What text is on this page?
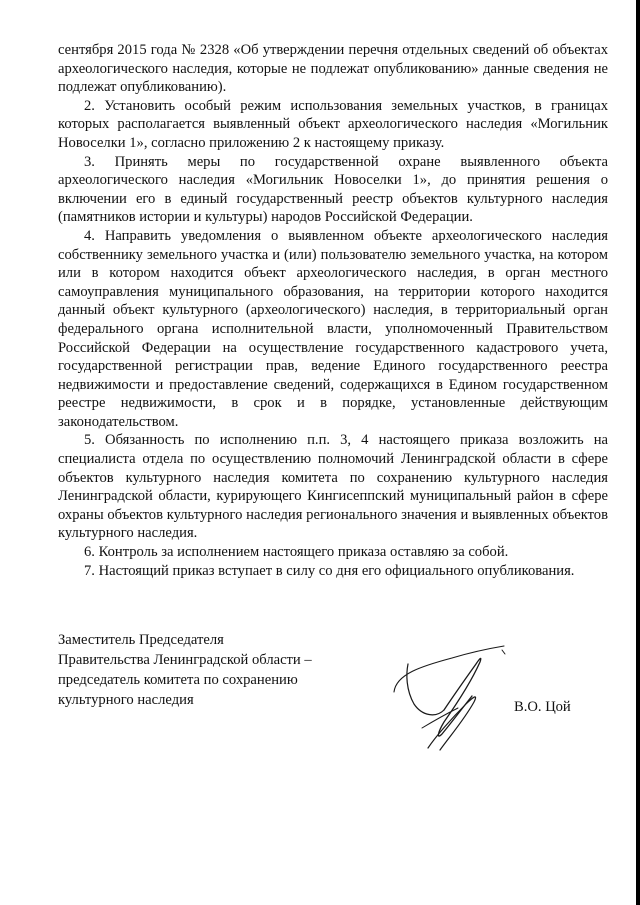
сентября 2015 года № 2328 «Об утверждении перечня отдельных сведений об объектах археологического наследия, которые не подлежат опубликованию» данные сведения не подлежат опубликованию).

2. Установить особый режим использования земельных участков, в границах которых располагается выявленный объект археологического наследия «Могильник Новоселки 1», согласно приложению 2 к настоящему приказу.

3. Принять меры по государственной охране выявленного объекта археологического наследия «Могильник Новоселки 1», до принятия решения о включении его в единый государственный реестр объектов культурного наследия (памятников истории и культуры) народов Российской Федерации.

4. Направить уведомления о выявленном объекте археологического наследия собственнику земельного участка и (или) пользователю земельного участка, на котором или в котором находится объект археологического наследия, в орган местного самоуправления муниципального образования, на территории которого находится данный объект культурного (археологического) наследия, в территориальный орган федерального органа исполнительной власти, уполномоченный Правительством Российской Федерации на осуществление государственного кадастрового учета, государственной регистрации прав, ведение Единого государственного реестра недвижимости и предоставление сведений, содержащихся в Едином государственном реестре недвижимости, в срок и в порядке, установленные действующим законодательством.

5. Обязанность по исполнению п.п. 3, 4 настоящего приказа возложить на специалиста отдела по осуществлению полномочий Ленинградской области в сфере объектов культурного наследия комитета по сохранению культурного наследия Ленинградской области, курирующего Кингисеппский муниципальный район в сфере охраны объектов культурного наследия регионального значения и выявленных объектов культурного наследия.

6. Контроль за исполнением настоящего приказа оставляю за собой.

7. Настоящий приказ вступает в силу со дня его официального опубликования.

Заместитель Председателя
Правительства Ленинградской области –
председатель комитета по сохранению
культурного наследия	В.О. Цой
